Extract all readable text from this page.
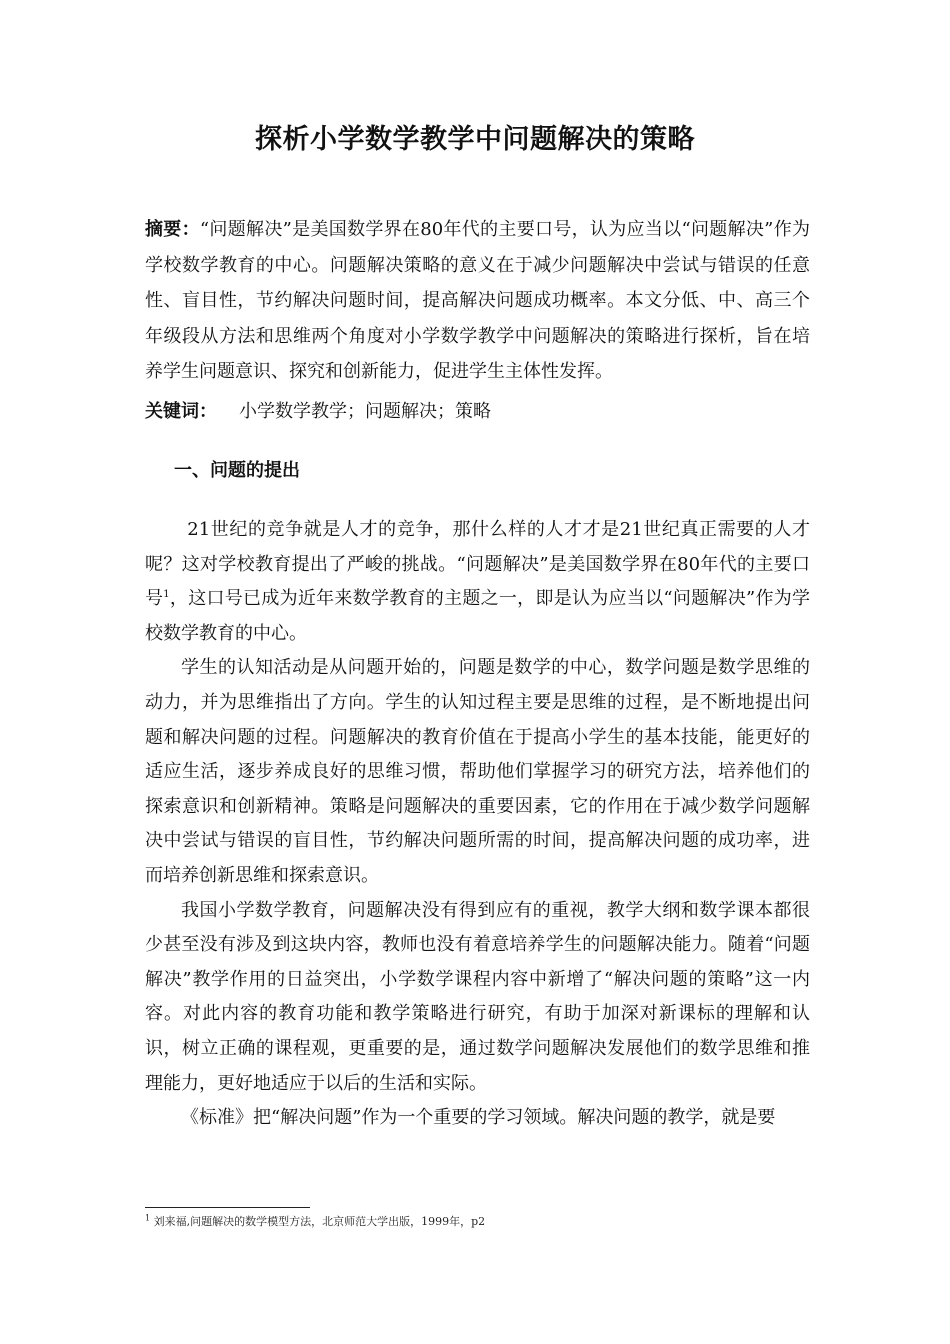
探析小学数学教学中问题解决的策略
摘要：“问题解决”是美国数学界在80年代的主要口号，认为应当以“问题解决”作为学校数学教育的中心。问题解决策略的意义在于减少问题解决中尝试与错误的任意性、盲目性，节约解决问题时间，提高解决问题成功概率。本文分低、中、高三个年级段从方法和思维两个角度对小学数学教学中问题解决的策略进行探析，旨在培养学生问题意识、探究和创新能力，促进学生主体性发挥。
关键词： 小学数学教学；问题解决；策略
一、问题的提出

21世纪的竞争就是人才的竞争，那什么样的人才才是21世纪真正需要的人才呢？这对学校教育提出了严峻的挑战。“问题解决”是美国数学界在80年代的主要口号$^1$，这口号已成为近年来数学教育的主题之一，即是认为应当以“问题解决”作为学校数学教育的中心。

学生的认知活动是从问题开始的，问题是数学的中心，数学问题是数学思维的动力，并为思维指出了方向。学生的认知过程主要是思维的过程，是不断地提出问题和解决问题的过程。问题解决的教育价值在于提高小学生的基本技能，能更好的适应生活，逐步养成良好的思维习惯，帮助他们掌握学习的研究方法，培养他们的探索意识和创新精神。策略是问题解决的重要因素，它的作用在于减少数学问题解决中尝试与错误的盲目性，节约解决问题所需的时间，提高解决问题的成功率，进而培养创新思维和探索意识。

我国小学数学教育，问题解决没有得到应有的重视，教学大纲和数学课本都很少甚至没有涉及到这块内容，教师也没有着意培养学生的问题解决能力。随着“问题解决”教学作用的日益突出，小学数学课程内容中新增了“解决问题的策略”这一内容。对此内容的教育功能和教学策略进行研究，有助于加深对新课标的理解和认识，树立正确的课程观，更重要的是，通过数学问题解决发展他们的数学思维和推理能力，更好地适应于以后的生活和实际。

《标准》把“解决问题”作为一个重要的学习领域。解决问题的教学，就是要

$^1$ 刘来福,问题解决的数学模型方法，北京师范大学出版，1999年，p2
